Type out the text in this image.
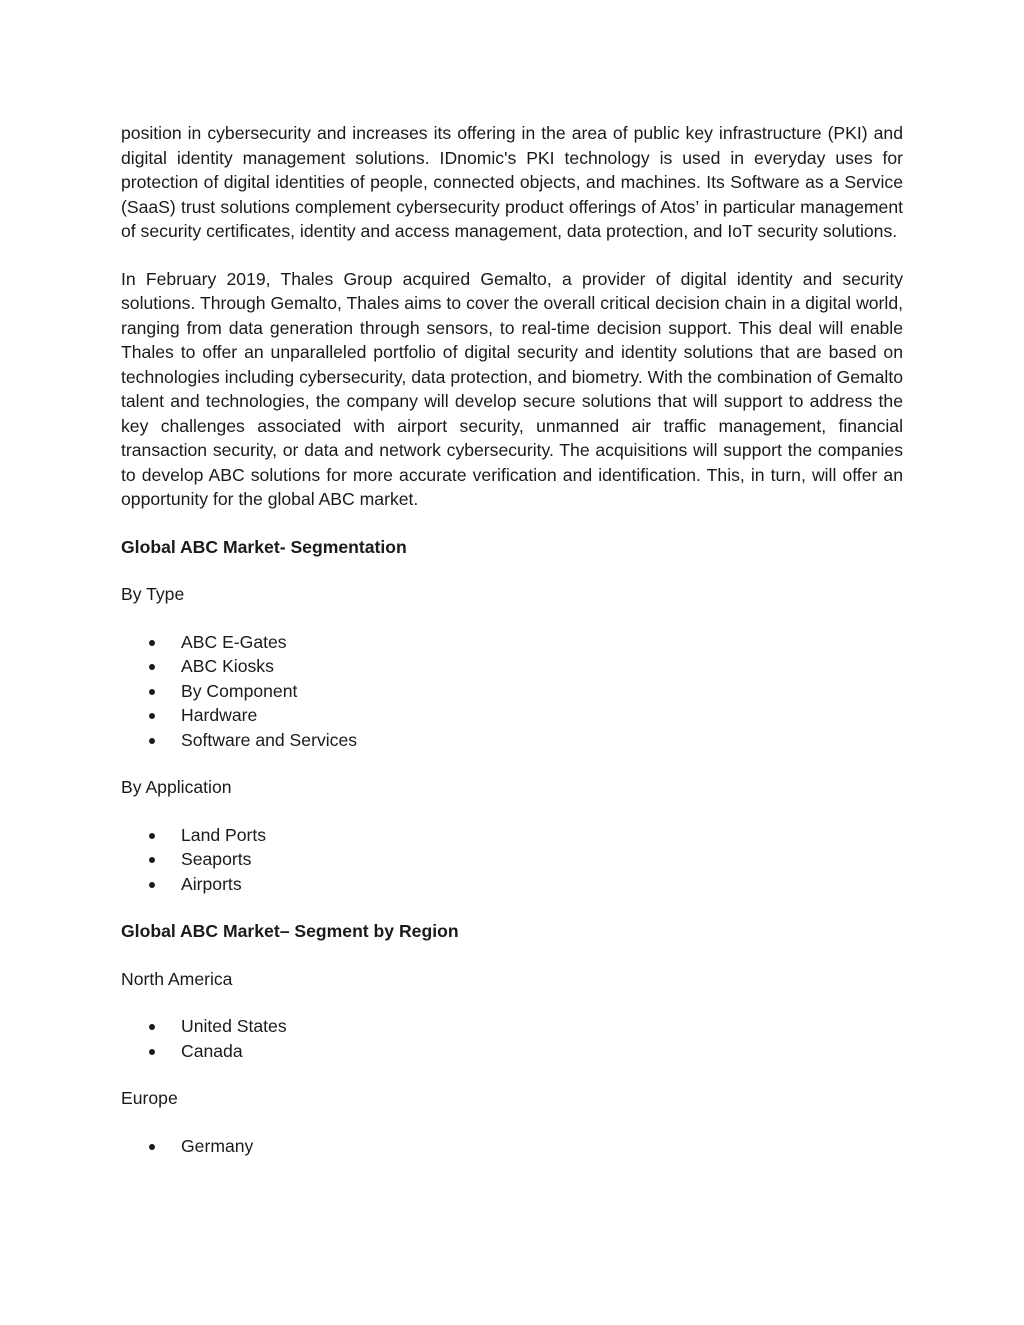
position in cybersecurity and increases its offering in the area of public key infrastructure (PKI) and digital identity management solutions. IDnomic's PKI technology is used in everyday uses for protection of digital identities of people, connected objects, and machines. Its Software as a Service (SaaS) trust solutions complement cybersecurity product offerings of Atos’ in particular management of security certificates, identity and access management, data protection, and IoT security solutions.

In February 2019, Thales Group acquired Gemalto, a provider of digital identity and security solutions. Through Gemalto, Thales aims to cover the overall critical decision chain in a digital world, ranging from data generation through sensors, to real-time decision support. This deal will enable Thales to offer an unparalleled portfolio of digital security and identity solutions that are based on technologies including cybersecurity, data protection, and biometry. With the combination of Gemalto talent and technologies, the company will develop secure solutions that will support to address the key challenges associated with airport security, unmanned air traffic management, financial transaction security, or data and network cybersecurity. The acquisitions will support the companies to develop ABC solutions for more accurate verification and identification. This, in turn, will offer an opportunity for the global ABC market.

Global ABC Market- Segmentation

By Type

ABC E-Gates
ABC Kiosks
By Component
Hardware
Software and Services

By Application

Land Ports
Seaports
Airports

Global ABC Market– Segment by Region

North America

United States
Canada

Europe

Germany
